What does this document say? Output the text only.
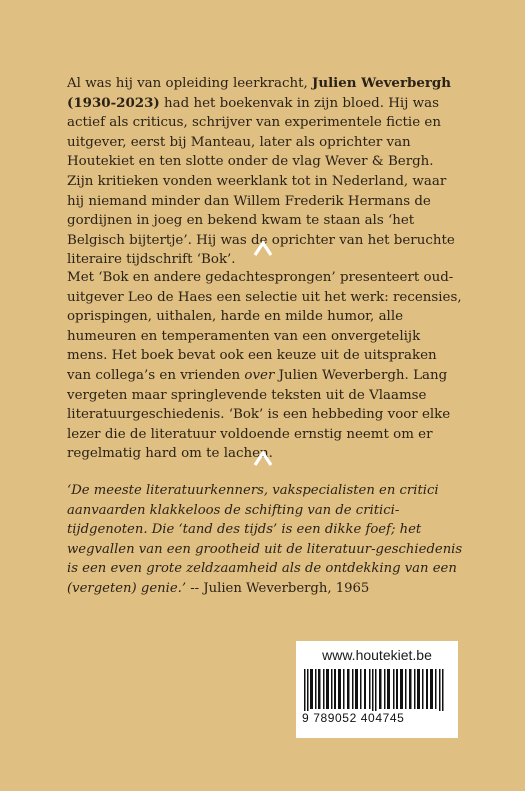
Al was hij van opleiding leerkracht, Julien Weverbergh (1930-2023) had het boekenvak in zijn bloed. Hij was actief als criticus, schrijver van experimentele fictie en uitgever, eerst bij Manteau, later als oprichter van Houtekiet en ten slotte onder de vlag Wever & Bergh. Zijn kritieken vonden weerklank tot in Nederland, waar hij niemand minder dan Willem Frederik Hermans de gordijnen in joeg en bekend kwam te staan als ‘het Belgisch bijtertje’. Hij was de oprichter van het beruchte literaire tijdschrift ‘Bok’.
Met ‘Bok en andere gedachtesprongen’ presenteert oud-uitgever Leo de Haes een selectie uit het werk: recensies, oprispingen, uithalen, harde en milde humor, alle humeuren en temperamenten van een onvergetelijk mens. Het boek bevat ook een keuze uit de uitspraken van collega’s en vrienden over Julien Weverbergh. Lang vergeten maar springlevende teksten uit de Vlaamse literatuurgeschiedenis. ‘Bok’ is een hebbeding voor elke lezer die de literatuur voldoende ernstig neemt om er regelmatig hard om te lachen.
‘De meeste literatuurkenners, vakspecialisten en critici aanvaarden klakkeloos de schifting van de critici-tijdgenoten. Die ‘tand des tijds’ is een dikke foef; het wegvallen van een grootheid uit de literatuur-geschiedenis is een even grote zeldzaamheid als de ontdekking van een (vergeten) genie.’ -- Julien Weverbergh, 1965
www.houtekiet.be
9 789052 404745
